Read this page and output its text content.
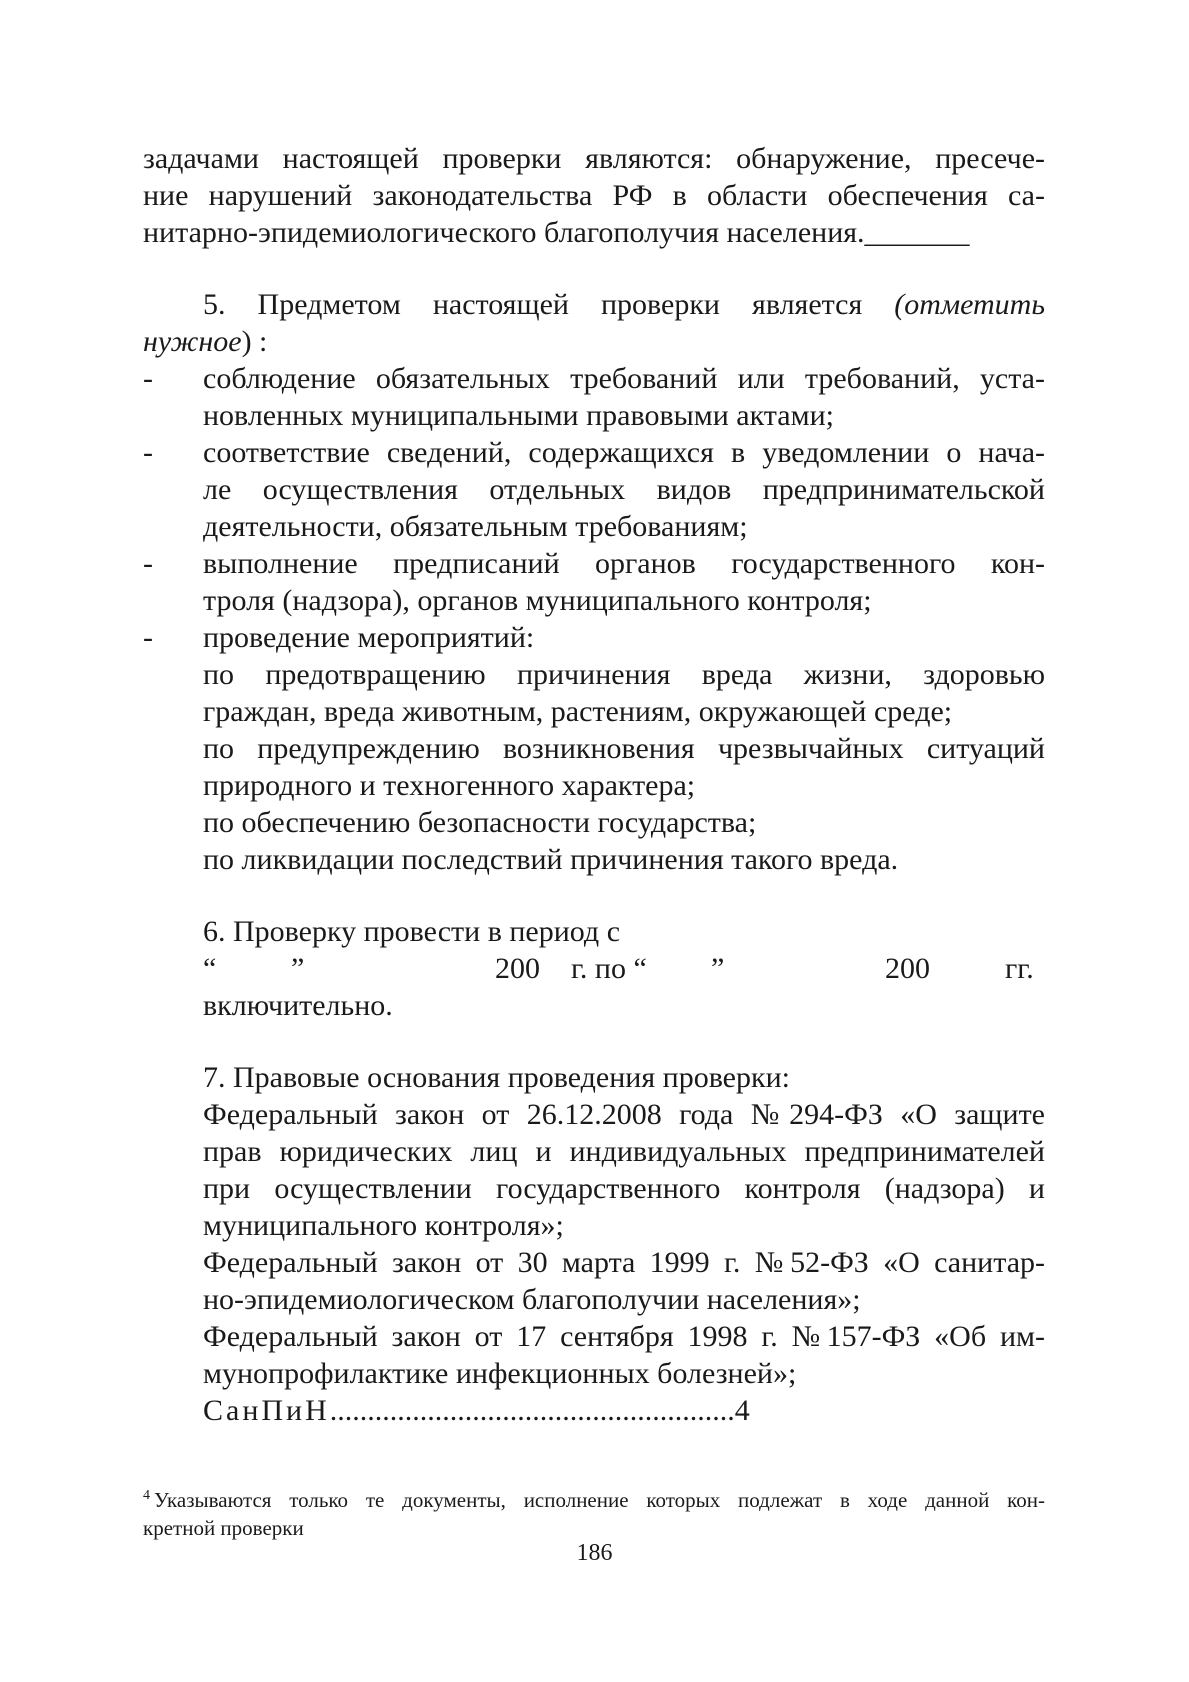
задачами настоящей проверки являются: обнаружение, пресече-
ние нарушений законодательства РФ в области обеспечения са-
нитарно-эпидемиологического благополучия населения._______
5. Предметом настоящей проверки является (отметить
нужное) :
- соблюдение обязательных требований или требований, уста-
новленных муниципальными правовыми актами;
- соответствие сведений, содержащихся в уведомлении о нача-
ле осуществления отдельных видов предпринимательской
деятельности, обязательным требованиям;
- выполнение предписаний органов государственного кон-
троля (надзора), органов муниципального контроля;
- проведение мероприятий:
по предотвращению причинения вреда жизни, здоровью
граждан, вреда животным, растениям, окружающей среде;
по предупреждению возникновения чрезвычайных ситуаций
природного и техногенного характера;
по обеспечению безопасности государства;
по ликвидации последствий причинения такого вреда.
6. Проверку провести в период с
“ ”	200 г. по “ ”	200	гг.
включительно.
7. Правовые основания проведения проверки:
Федеральный закон от 26.12.2008 года №294-ФЗ «О защите
прав юридических лиц и индивидуальных предпринимателей
при осуществлении государственного контроля (надзора) и
муниципального контроля»;
Федеральный закон от 30 марта 1999 г. №52-ФЗ «О санитар-
но-эпидемиологическом благополучии населения»;
Федеральный закон от 17 сентября 1998 г. №157-ФЗ «Об им-
мунопрофилактике инфекционных болезней»;
СанПиН......................................................4
$^4$ Указываются только те документы, исполнение которых подлежат в ходе данной кон-
кретной проверки
186
